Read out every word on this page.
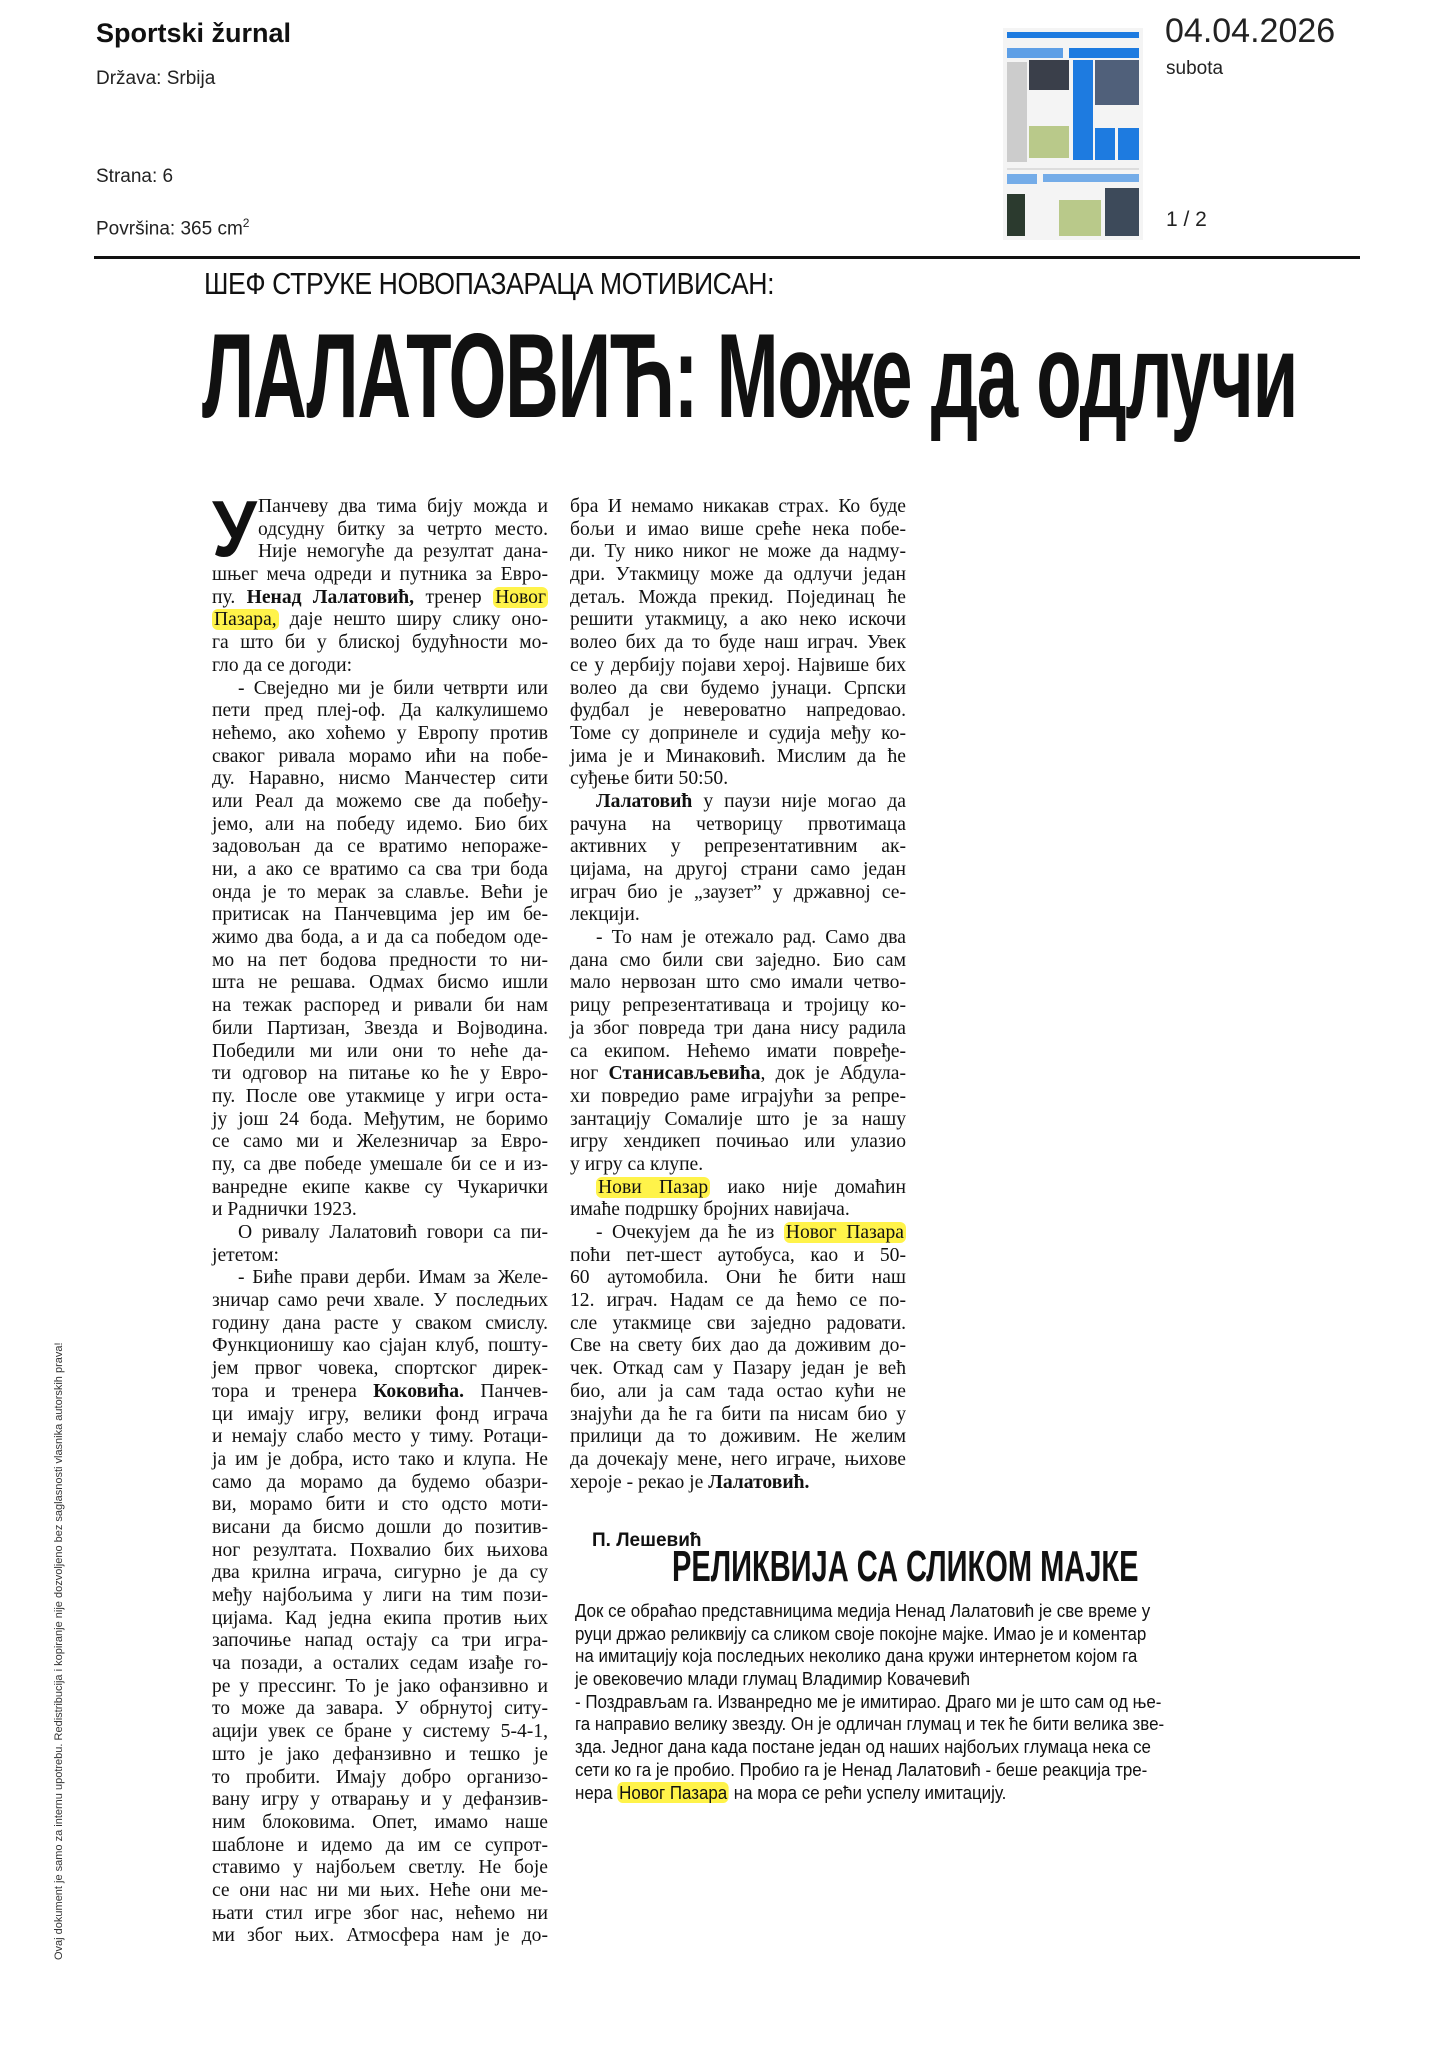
Sportski žurnal
Država: Srbija
Strana: 6
Površina: 365 $cm^2$
04.04.2026
subota
1 / 2
ШЕФ СТРУКЕ НОВОПАЗАРАЦА МОТИВИСАН:
ЛАЛАТОВИЋ: Може да одлучи
У Панчеву два тима бију можда и
одсудну битку за четрто место.
Није немогуће да резултат дана-
шњег меча одреди и путника за Евро-
пу. Ненад Лалатовић, тренер Новог
Пазара, даје нешто ширу слику оно-
га што би у блиској будућности мо-
гло да се догоди:
- Свеједно ми је били четврти или
пети пред плеј-оф. Да калкулишемо
нећемо, ако хоћемо у Европу против
сваког ривала морамо ићи на побе-
ду. Наравно, нисмо Манчестер сити
или Реал да можемо све да побеђу-
јемо, али на победу идемо. Био бих
задовољан да се вратимо непораже-
ни, а ако се вратимо са сва три бода
онда је то мерак за славље. Већи је
притисак на Панчевцима јер им бе-
жимо два бода, а и да са победом оде-
мо на пет бодова предности то ни-
шта не решава. Одмах бисмо ишли
на тежак распоред и ривали би нам
били Партизан, Звезда и Војводина.
Победили ми или они то неће да-
ти одговор на питање ко ће у Евро-
пу. После ове утакмице у игри оста-
ју још 24 бода. Међутим, не боримо
се само ми и Железничар за Евро-
пу, са две победе умешале би се и из-
ванредне екипе какве су Чукарички
и Раднички 1923.
О ривалу Лалатовић говори са пи-
јететом:
- Биће прави дерби. Имам за Желе-
зничар само речи хвале. У последњих
годину дана расте у сваком смислу.
Функционишу као сјајан клуб, пошту-
јем првог човека, спортског дирек-
тора и тренера Коковића. Панчев-
ци имају игру, велики фонд играча
и немају слабо место у тиму. Ротаци-
ја им је добра, исто тако и клупа. Не
само да морамо да будемо обазри-
ви, морамо бити и сто одсто моти-
висани да бисмо дошли до позитив-
ног резултата. Похвалио бих њихова
два крилна играча, сигурно је да су
међу најбољима у лиги на тим пози-
цијама. Кад једна екипа против њих
започиње напад остају са три игра-
ча позади, а осталих седам изађе го-
ре у прессинг. То је јако офанзивно и
то може да завара. У обрнутој ситу-
ацији увек се бране у систему 5-4-1,
што је јако дефанзивно и тешко је
то пробити. Имају добро организо-
вану игру у отварању и у дефанзив-
ним блоковима. Опет, имамо наше
шаблоне и идемо да им се супрот-
ставимо у најбољем светлу. Не боје
се они нас ни ми њих. Неће они ме-
њати стил игре због нас, нећемо ни
ми због њих. Атмосфера нам је до-
бра И немамо никакав страх. Ко буде
бољи и имао више среће нека побе-
ди. Ту нико никог не може да надму-
дри. Утакмицу може да одлучи један
детаљ. Можда прекид. Појединац ће
решити утакмицу, а ако неко искочи
волео бих да то буде наш играч. Увек
се у дербију појави херој. Највише бих
волео да сви будемо јунаци. Српски
фудбал је невероватно напредовао.
Томе су допринеле и судија међу ко-
јима је и Минаковић. Мислим да ће
суђење бити 50:50.
Лалатовић у паузи није могао да
рачуна на четворицу првотимаца
активних у репрезентативним ак-
цијама, на другој страни само један
играч био је „заузет” у државној се-
лекцији.
- То нам је отежало рад. Само два
дана смо били сви заједно. Био сам
мало нервозан што смо имали четво-
рицу репрезентативаца и тројицу ко-
ја због повреда три дана нису радила
са екипом. Нећемо имати повређе-
ног Станисављевића, док је Абдула-
хи повредио раме играјући за репре-
зантацију Сомалије што је за нашу
игру хендикеп почињао или улазио
у игру са клупе.
Нови Пазар иако није домаћин
имаће подршку бројних навијача.
- Очекујем да ће из Новог Пазара
поћи пет-шест аутобуса, као и 50-
60 аутомобила. Они ће бити наш
12. играч. Надам се да ћемо се по-
сле утакмице сви заједно радовати.
Све на свету бих дао да доживим до-
чек. Откад сам у Пазару један је већ
био, али ја сам тада остао кући не
знајући да ће га бити па нисам био у
прилици да то доживим. Не желим
да дочекају мене, него играче, њихове
хероје - рекао је Лалатовић.
П. Лешевић
РЕЛИКВИЈА СА СЛИКОМ МАЈКЕ
Док се обраћао представницима медија Ненад Лалатовић је све време у
руци држао реликвију са сликом своје покојне мајке. Имао је и коментар
на имитацију која последњих неколико дана кружи интернетом којом га
је овековечио млади глумац Владимир Ковачевић
- Поздрављам га. Изванредно ме је имитирао. Драго ми је што сам од ње-
га направио велику звезду. Он је одличан глумац и тек ће бити велика зве-
зда. Једног дана када постане један од наших најбољих глумаца нека се
сети ко га је пробио. Пробио га је Ненад Лалатовић - беше реакција тре-
нера Новог Пазара на мора се рећи успелу имитацију.
Ovaj dokument je samo za internu upotrebu. Redistribucija i kopiranje nije dozvoljeno bez saglasnosti vlasnika autorskih prava!
